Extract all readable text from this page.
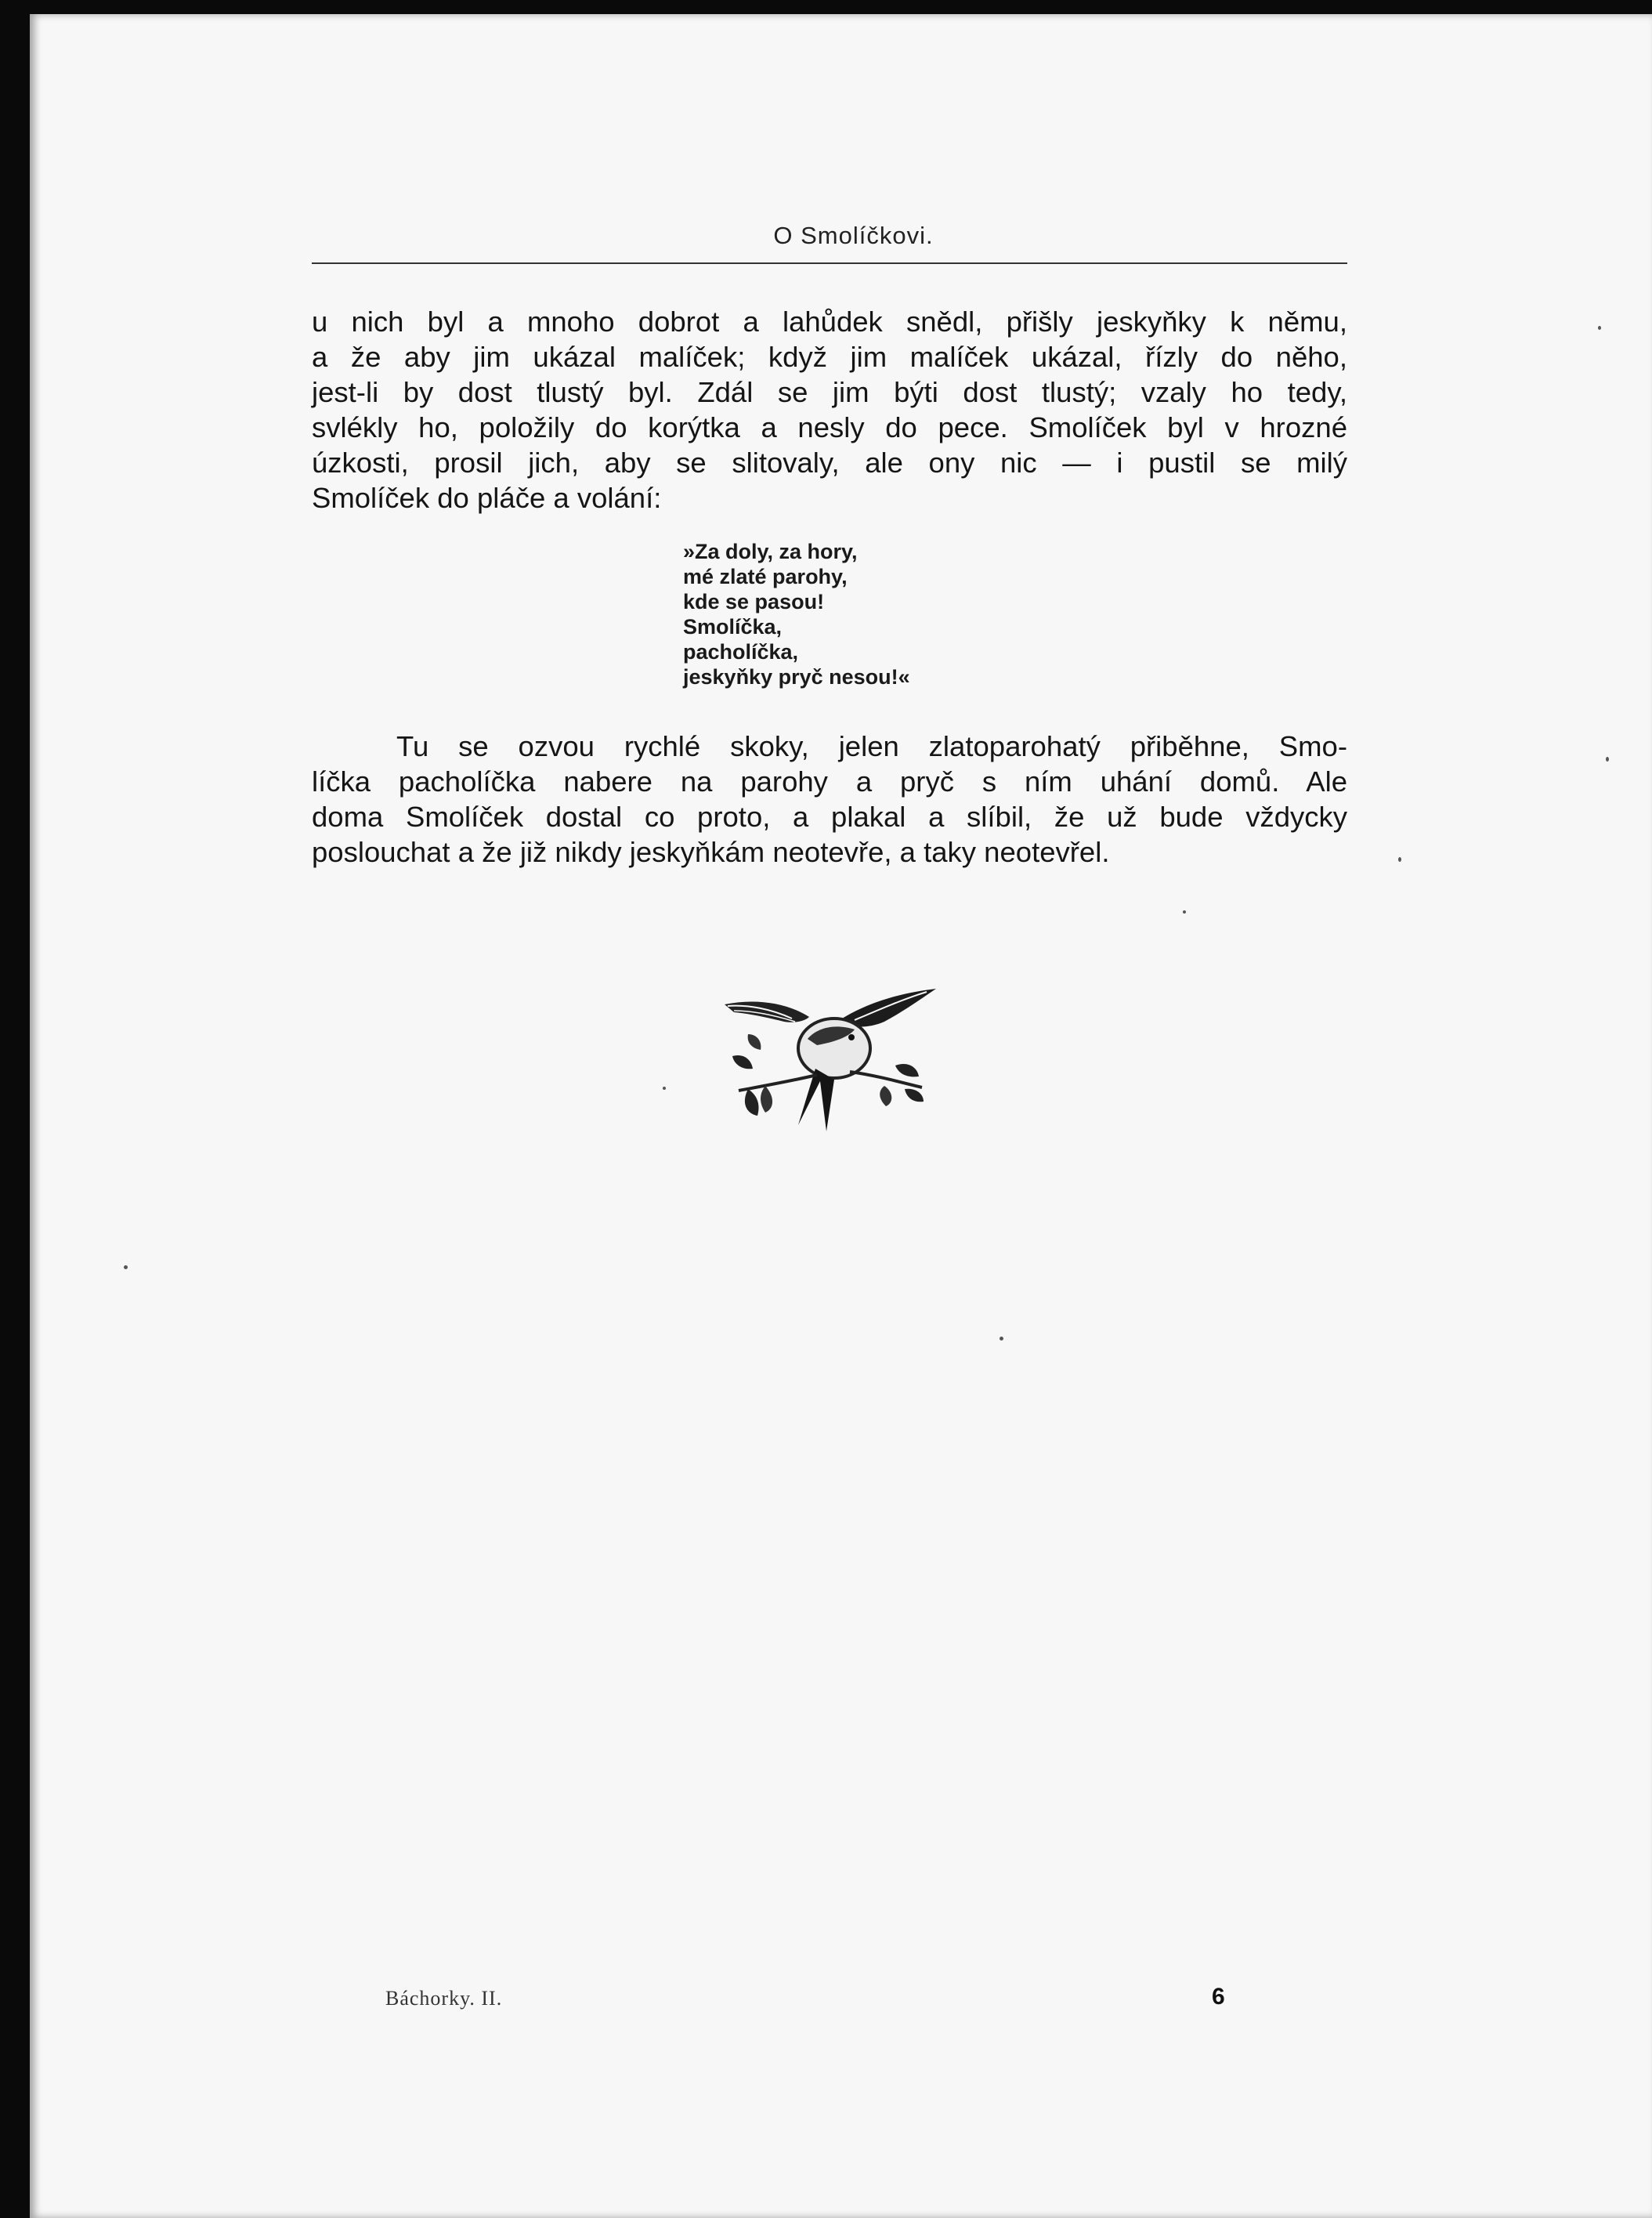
O Smolíčkovi.
u nich byl a mnoho dobrot a lahůdek snědl, přišly jeskyňky k němu,
a že aby jim ukázal malíček; když jim malíček ukázal, řízly do něho,
jest-li by dost tlustý byl. Zdál se jim býti dost tlustý; vzaly ho tedy,
svlékly ho, položily do korýtka a nesly do pece. Smolíček byl v hrozné
úzkosti, prosil jich, aby se slitovaly, ale ony nic — i pustil se milý
Smolíček do pláče a volání:
»Za doly, za hory,
mé zlaté parohy,
kde se pasou!
Smolíčka,
pacholíčka,
jeskyňky pryč nesou!«
Tu se ozvou rychlé skoky, jelen zlatoparohatý přiběhne, Smo-
líčka pacholíčka nabere na parohy a pryč s ním uhání domů. Ale
doma Smolíček dostal co proto, a plakal a slíbil, že už bude vždycky
poslouchat a že již nikdy jeskyňkám neotevře, a taky neotevřel.
Báchorky. II.	6
